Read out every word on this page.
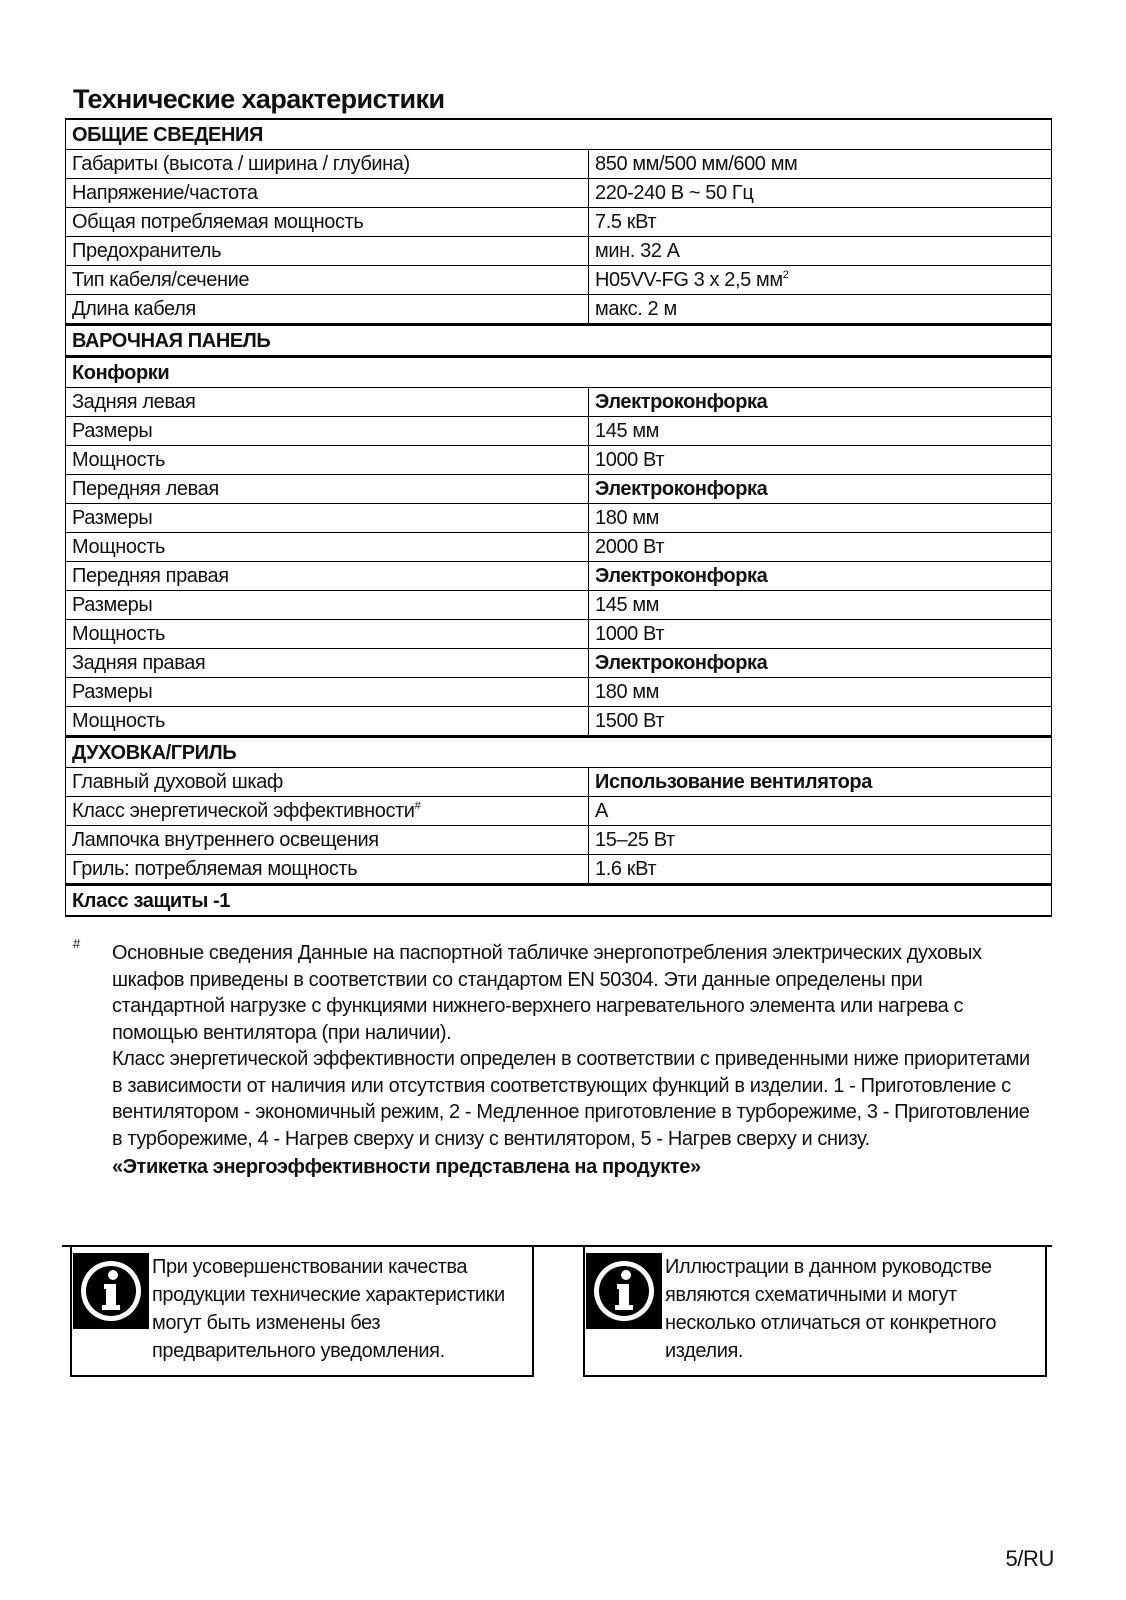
Технические характеристики
ОБЩИЕ СВЕДЕНИЯ	
Габариты (высота / ширина / глубина)	850 мм/500 мм/600 мм
Напряжение/частота	220-240 В ~ 50 Гц
Общая потребляемая мощность	7.5 кВт
Предохранитель	мин. 32 A
Тип кабеля/сечение	H05VV-FG 3 x 2,5 $мм^2$
Длина кабеля	макс. 2 м
ВАРОЧНАЯ ПАНЕЛЬ	
Конфорки	
Задняя левая	Электроконфорка
Размеры	145 мм
Мощность	1000 Вт
Передняя левая	Электроконфорка
Размеры	180 мм
Мощность	2000 Вт
Передняя правая	Электроконфорка
Размеры	145 мм
Мощность	1000 Вт
Задняя правая	Электроконфорка
Размеры	180 мм
Мощность	1500 Вт
ДУХОВКА/ГРИЛЬ	
Главный духовой шкаф	Использование вентилятора
Класс энергетической эффективности#	A
Лампочка внутреннего освещения	15–25 Вт
Гриль: потребляемая мощность	1.6 кВт
Класс защиты -1	
# Основные сведения Данные на паспортной табличке энергопотребления электрических духовых шкафов приведены в соответствии со стандартом EN 50304. Эти данные определены при стандартной нагрузке с функциями нижнего-верхнего нагревательного элемента или нагрева с помощью вентилятора (при наличии).

Класс энергетической эффективности определен в соответствии с приведенными ниже приоритетами в зависимости от наличия или отсутствия соответствующих функций в изделии. 1 - Приготовление с вентилятором - экономичный режим, 2 - Медленное приготовление в турборежиме, 3 - Приготовление в турборежиме, 4 - Нагрев сверху и снизу с вентилятором, 5 - Нагрев сверху и снизу.

«Этикетка энергоэффективности представлена на продукте»

При усовершенствовании качества продукции технические характеристики могут быть изменены без предварительного уведомления.
Иллюстрации в данном руководстве являются схематичными и могут несколько отличаться от конкретного изделия.
5/RU
